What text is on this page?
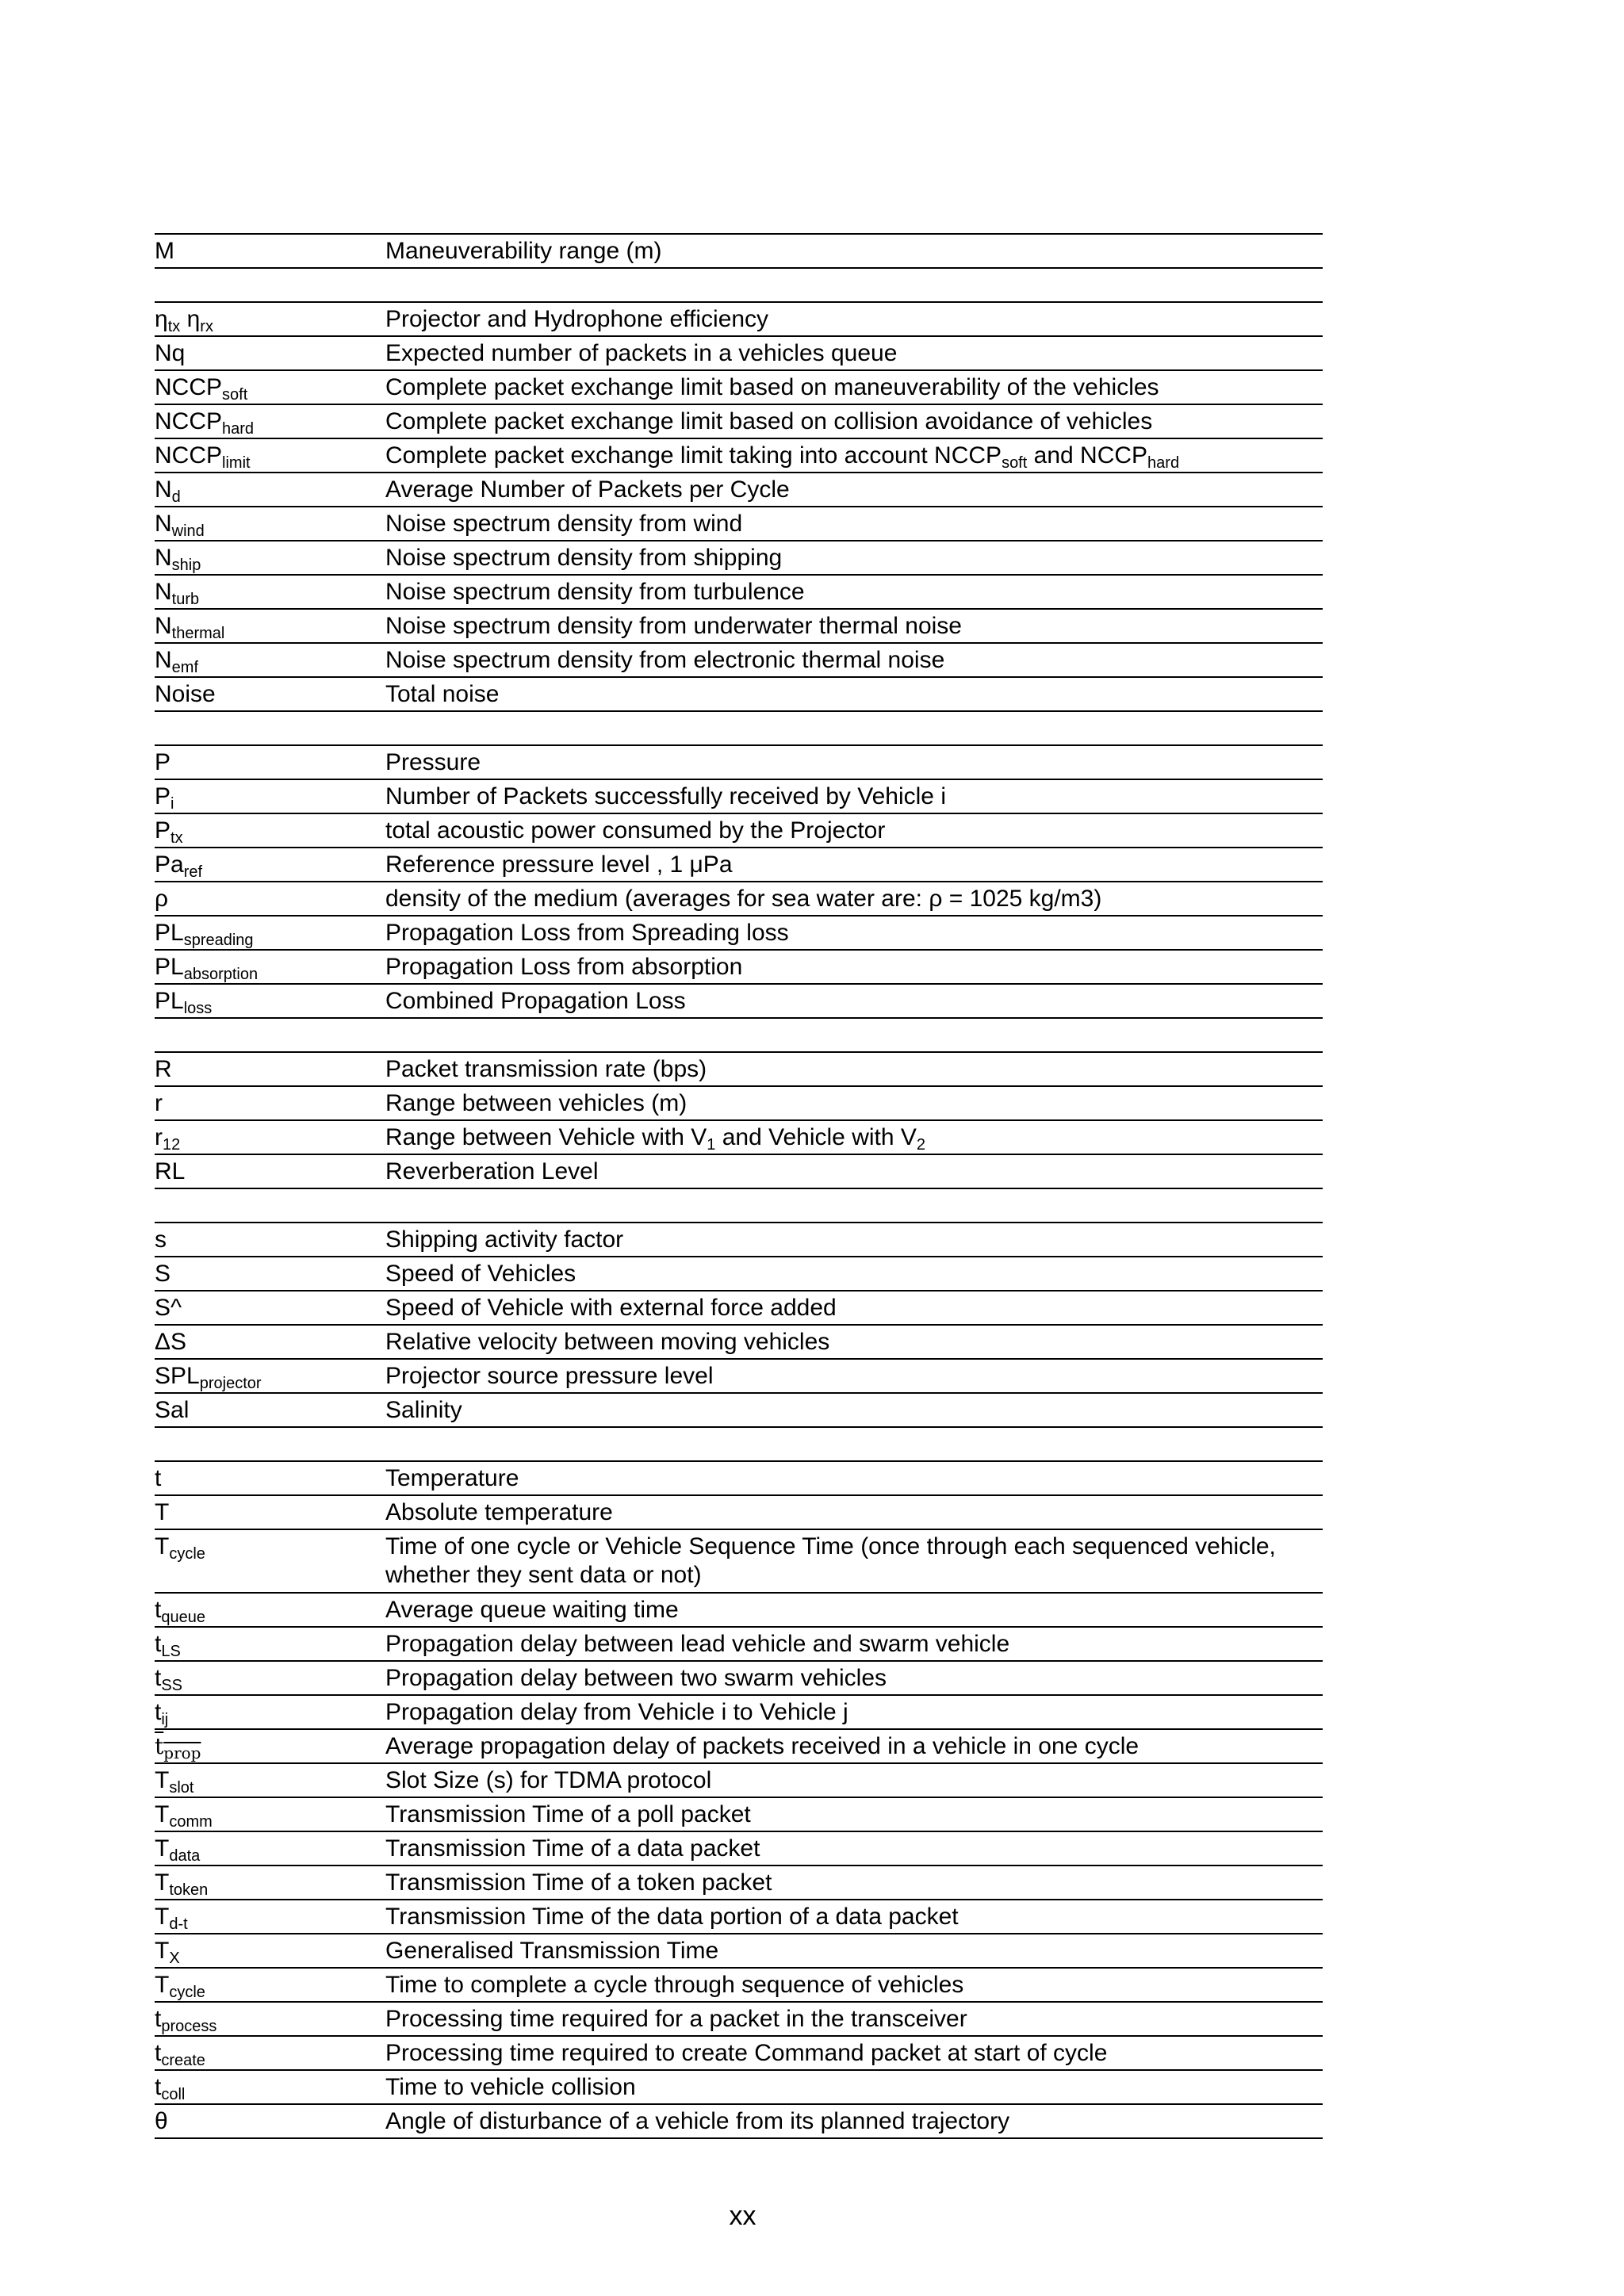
M	Maneuverability range (m)
$\eta_{tx}$ $\eta_{rx}$	Projector and Hydrophone efficiency
Nq	Expected number of packets in a vehicles queue
$NCCP_{soft}$	Complete packet exchange limit based on maneuverability of the vehicles
$NCCP_{hard}$	Complete packet exchange limit based on collision avoidance of vehicles
$NCCP_{limit}$	Complete packet exchange limit taking into account $NCCP_{soft}$ and $NCCP_{hard}$
$N_d$	Average Number of Packets per Cycle
$N_{wind}$	Noise spectrum density from wind
$N_{ship}$	Noise spectrum density from shipping
$N_{turb}$	Noise spectrum density from turbulence
$N_{thermal}$	Noise spectrum density from underwater thermal noise
$N_{emf}$	Noise spectrum density from electronic thermal noise
Noise	Total noise
P	Pressure
$P_i$	Number of Packets successfully received by Vehicle i
$P_{tx}$	total acoustic power consumed by the Projector
$Pa_{ref}$	Reference pressure level , 1 μPa
ρ	density of the medium (averages for sea water are: ρ = 1025 kg/m3)
$PL_{spreading}$	Propagation Loss from Spreading loss
$PL_{absorption}$	Propagation Loss from absorption
$PL_{loss}$	Combined Propagation Loss
R	Packet transmission rate (bps)
r	Range between vehicles (m)
$r_{12}$	Range between Vehicle with $V_1$ and Vehicle with $V_2$
RL	Reverberation Level
s	Shipping activity factor
S	Speed of Vehicles
S^	Speed of Vehicle with external force added
ΔS	Relative velocity between moving vehicles
$SPL_{projector}$	Projector source pressure level
Sal	Salinity
t	Temperature
T	Absolute temperature
$T_{cycle}$	Time of one cycle or Vehicle Sequence Time (once through each sequenced vehicle, whether they sent data or not)
$t_{queue}$	Average queue waiting time
$t_{LS}$	Propagation delay between lead vehicle and swarm vehicle
$t_{SS}$	Propagation delay between two swarm vehicles
$t_{ij}$	Propagation delay from Vehicle i to Vehicle j
$t_{prop}$	Average propagation delay of packets received in a vehicle in one cycle
$T_{slot}$	Slot Size (s) for TDMA protocol
$T_{comm}$	Transmission Time of a poll packet
$T_{data}$	Transmission Time of a data packet
$T_{token}$	Transmission Time of a token packet
$T_{d-t}$	Transmission Time of the data portion of a data packet
$T_X$	Generalised Transmission Time
$T_{cycle}$	Time to complete a cycle through sequence of vehicles
$t_{process}$	Processing time required for a packet in the transceiver
$t_{create}$	Processing time required to create Command packet at start of cycle
$t_{coll}$	Time to vehicle collision
θ	Angle of disturbance of a vehicle from its planned trajectory
xx
